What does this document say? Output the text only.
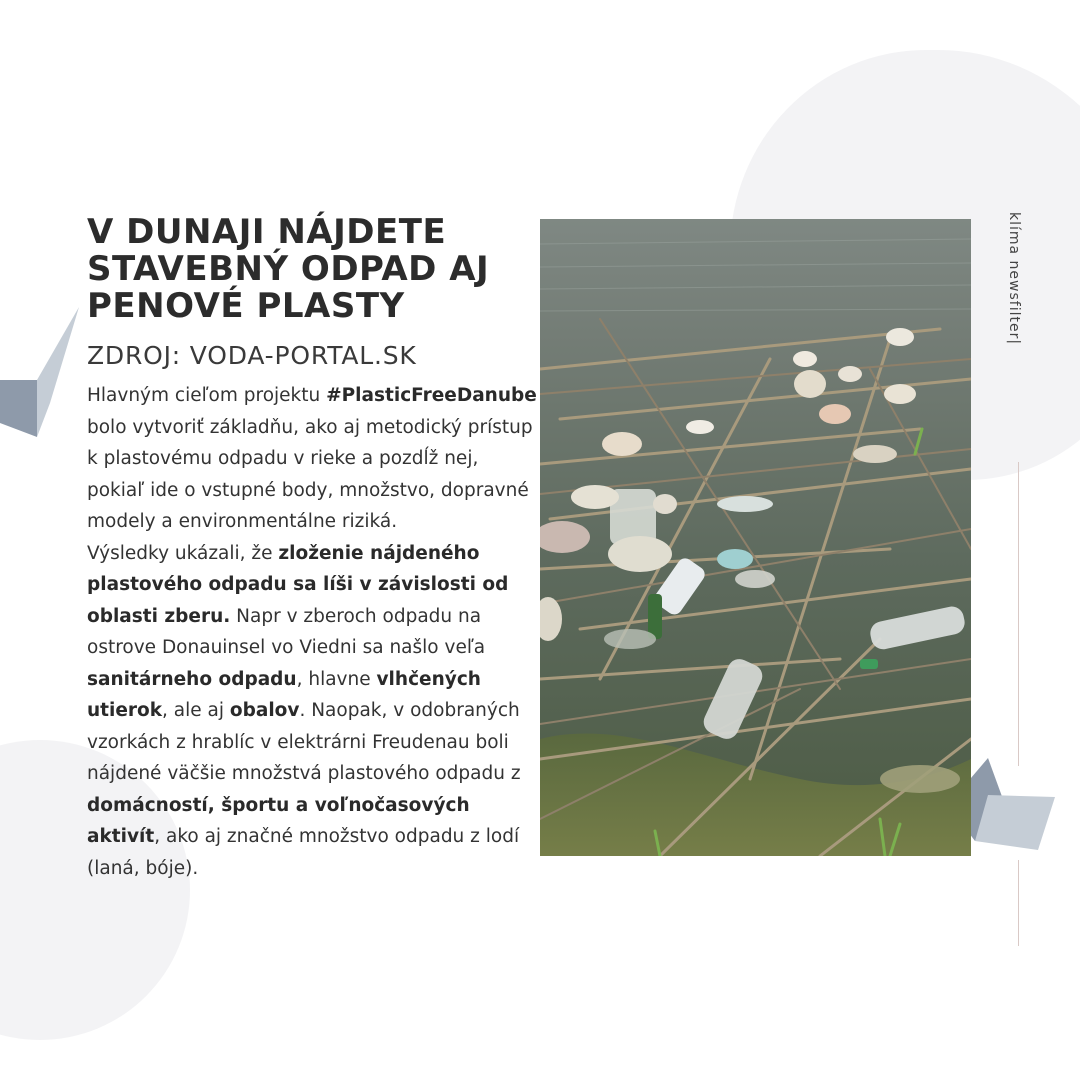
V DUNAJI NÁJDETE STAVEBNÝ ODPAD AJ PENOVÉ PLASTY

ZDROJ: VODA-PORTAL.SK

Hlavným cieľom projektu #PlasticFreeDanube bolo vytvoriť základňu, ako aj metodický prístup k plastovému odpadu v rieke a pozdĺž nej, pokiaľ ide o vstupné body, množstvo, dopravné modely a environmentálne riziká.
Výsledky ukázali, že zloženie nájdeného plastového odpadu sa líši v závislosti od oblasti zberu. Napr v zberoch odpadu na ostrove Donauinsel vo Viedni sa našlo veľa sanitárneho odpadu, hlavne vlhčených utierok, ale aj obalov. Naopak, v odobraných vzorkách z hrablíc v elektrárni Freudenau boli nájdené väčšie množstvá plastového odpadu z domácností, športu a voľnočasových aktivít, ako aj značné množstvo odpadu z lodí (laná, bóje).

klíma newsfilter|
